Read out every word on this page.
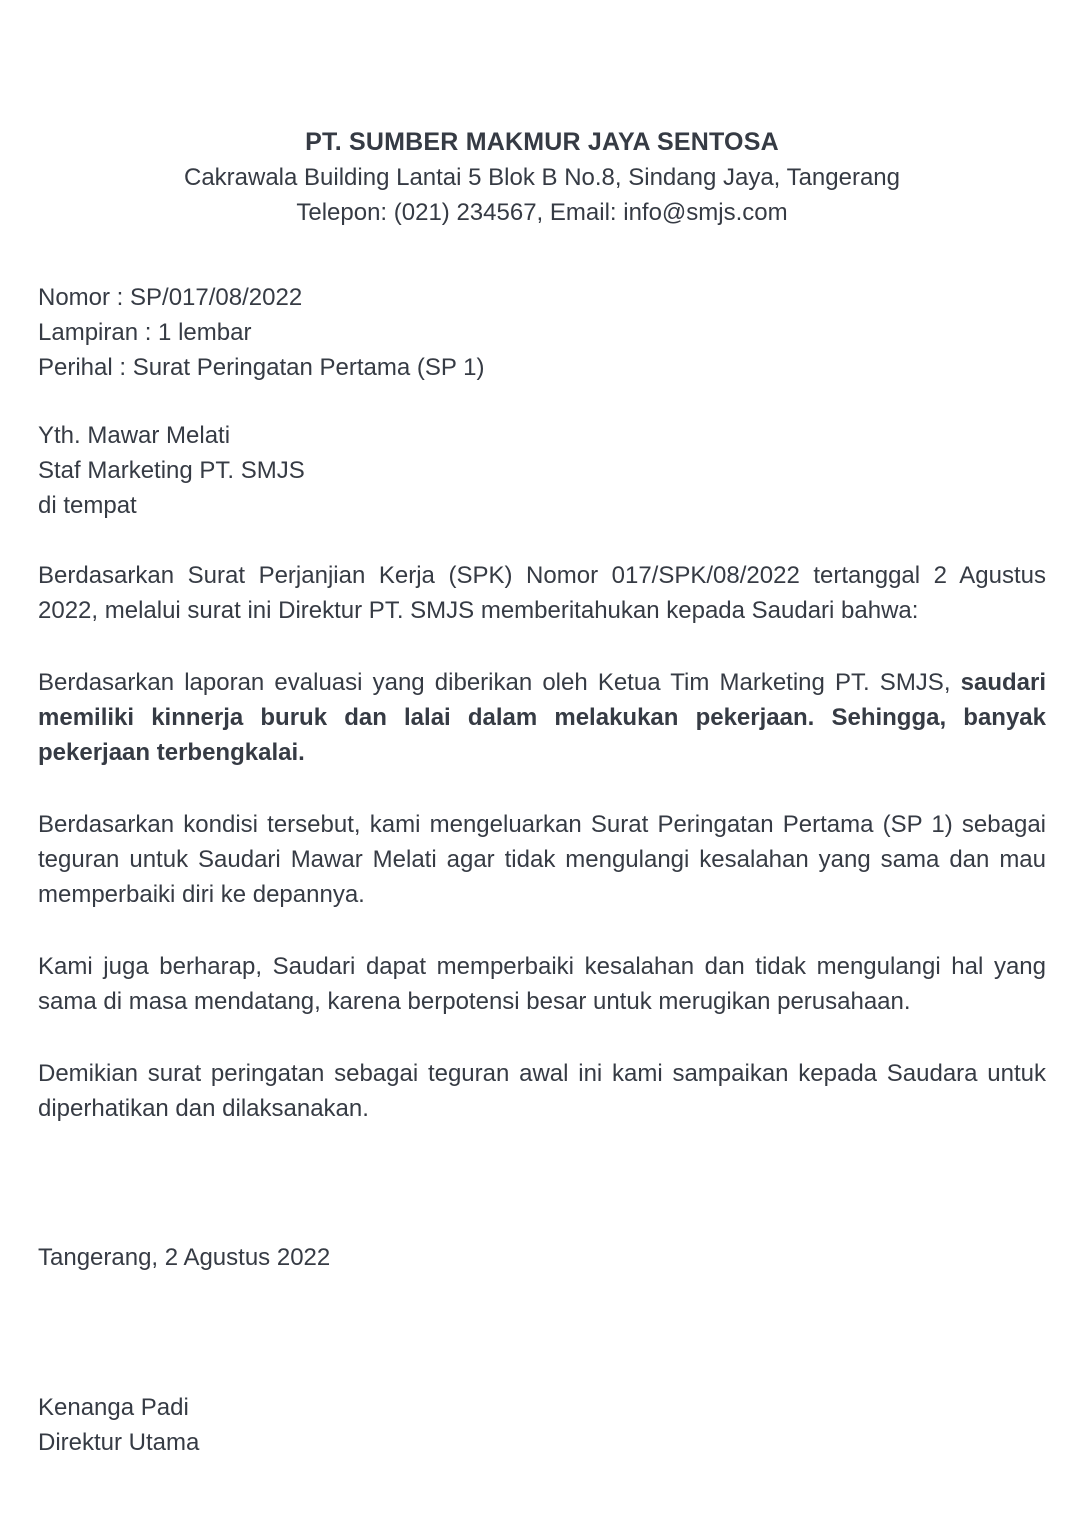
PT. SUMBER MAKMUR JAYA SENTOSA
Cakrawala Building Lantai 5 Blok B No.8, Sindang Jaya, Tangerang
Telepon: (021) 234567, Email: info@smjs.com
Nomor : SP/017/08/2022
Lampiran : 1 lembar
Perihal : Surat Peringatan Pertama (SP 1)
Yth. Mawar Melati
Staf Marketing PT. SMJS
di tempat

Berdasarkan Surat Perjanjian Kerja (SPK) Nomor 017/SPK/08/2022 tertanggal 2 Agustus 2022, melalui surat ini Direktur PT. SMJS memberitahukan kepada Saudari bahwa:

Berdasarkan laporan evaluasi yang diberikan oleh Ketua Tim Marketing PT. SMJS, saudari memiliki kinnerja buruk dan lalai dalam melakukan pekerjaan. Sehingga, banyak pekerjaan terbengkalai.

Berdasarkan kondisi tersebut, kami mengeluarkan Surat Peringatan Pertama (SP 1) sebagai teguran untuk Saudari Mawar Melati agar tidak mengulangi kesalahan yang sama dan mau memperbaiki diri ke depannya.

Kami juga berharap, Saudari dapat memperbaiki kesalahan dan tidak mengulangi hal yang sama di masa mendatang, karena berpotensi besar untuk merugikan perusahaan.

Demikian surat peringatan sebagai teguran awal ini kami sampaikan kepada Saudara untuk diperhatikan dan dilaksanakan.

Tangerang, 2 Agustus 2022
Kenanga Padi
Direktur Utama
